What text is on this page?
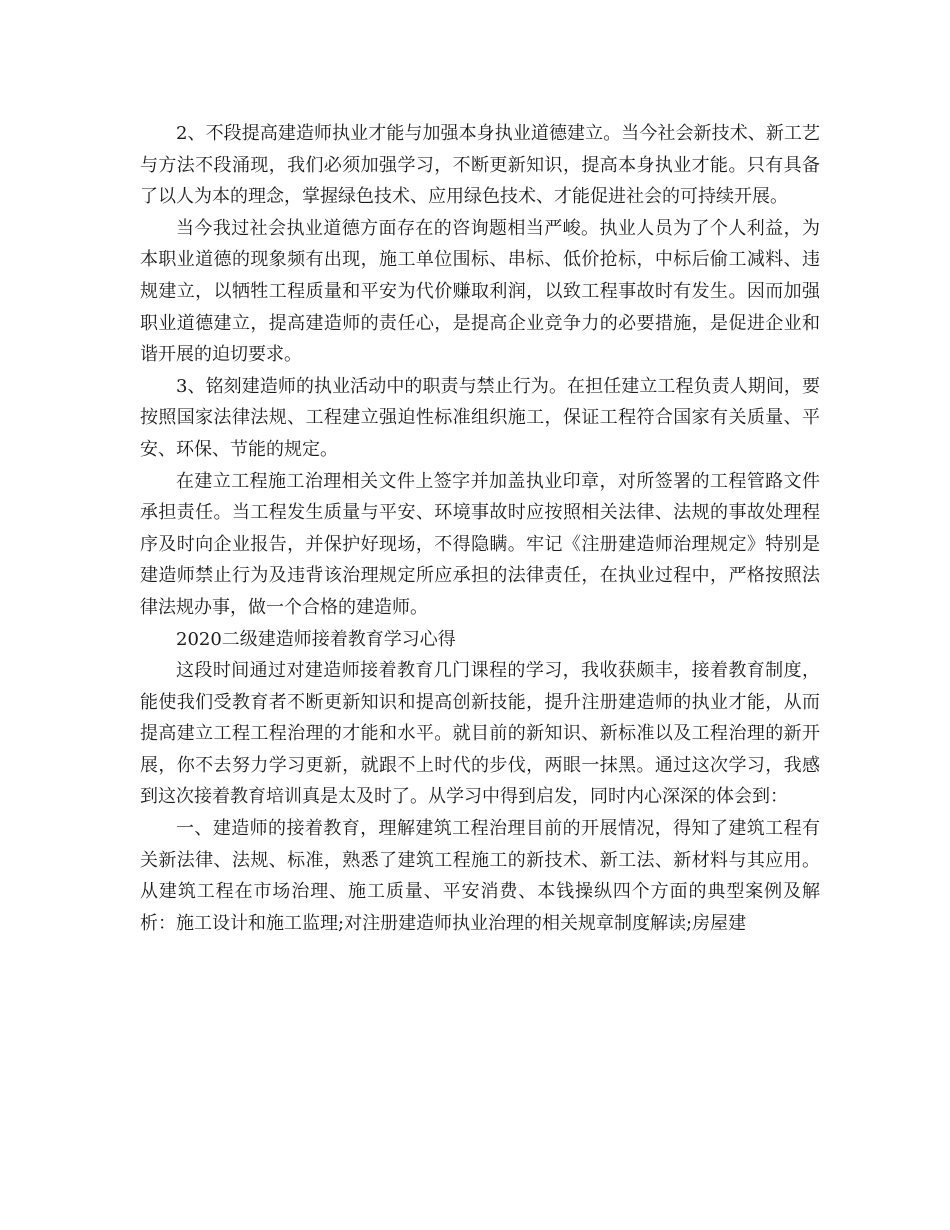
2、不段提高建造师执业才能与加强本身执业道德建立。当今社会新技术、新工艺与方法不段涌现，我们必须加强学习，不断更新知识，提高本身执业才能。只有具备了以人为本的理念，掌握绿色技术、应用绿色技术、才能促进社会的可持续开展。

当今我过社会执业道德方面存在的咨询题相当严峻。执业人员为了个人利益，为本职业道德的现象频有出现，施工单位围标、串标、低价抢标，中标后偷工减料、违规建立，以牺牲工程质量和平安为代价赚取利润，以致工程事故时有发生。因而加强职业道德建立，提高建造师的责任心，是提高企业竞争力的必要措施，是促进企业和谐开展的迫切要求。

3、铭刻建造师的执业活动中的职责与禁止行为。在担任建立工程负责人期间，要按照国家法律法规、工程建立强迫性标准组织施工，保证工程符合国家有关质量、平安、环保、节能的规定。

在建立工程施工治理相关文件上签字并加盖执业印章，对所签署的工程管路文件承担责任。当工程发生质量与平安、环境事故时应按照相关法律、法规的事故处理程序及时向企业报告，并保护好现场，不得隐瞒。牢记《注册建造师治理规定》特别是建造师禁止行为及违背该治理规定所应承担的法律责任，在执业过程中，严格按照法律法规办事，做一个合格的建造师。

2020二级建造师接着教育学习心得

这段时间通过对建造师接着教育几门课程的学习，我收获颇丰，接着教育制度，能使我们受教育者不断更新知识和提高创新技能，提升注册建造师的执业才能，从而提高建立工程工程治理的才能和水平。就目前的新知识、新标准以及工程治理的新开展，你不去努力学习更新，就跟不上时代的步伐，两眼一抹黑。通过这次学习，我感到这次接着教育培训真是太及时了。从学习中得到启发，同时内心深深的体会到：

一、建造师的接着教育，理解建筑工程治理目前的开展情况，得知了建筑工程有关新法律、法规、标准，熟悉了建筑工程施工的新技术、新工法、新材料与其应用。从建筑工程在市场治理、施工质量、平安消费、本钱操纵四个方面的典型案例及解析：施工设计和施工监理;对注册建造师执业治理的相关规章制度解读;房屋建
